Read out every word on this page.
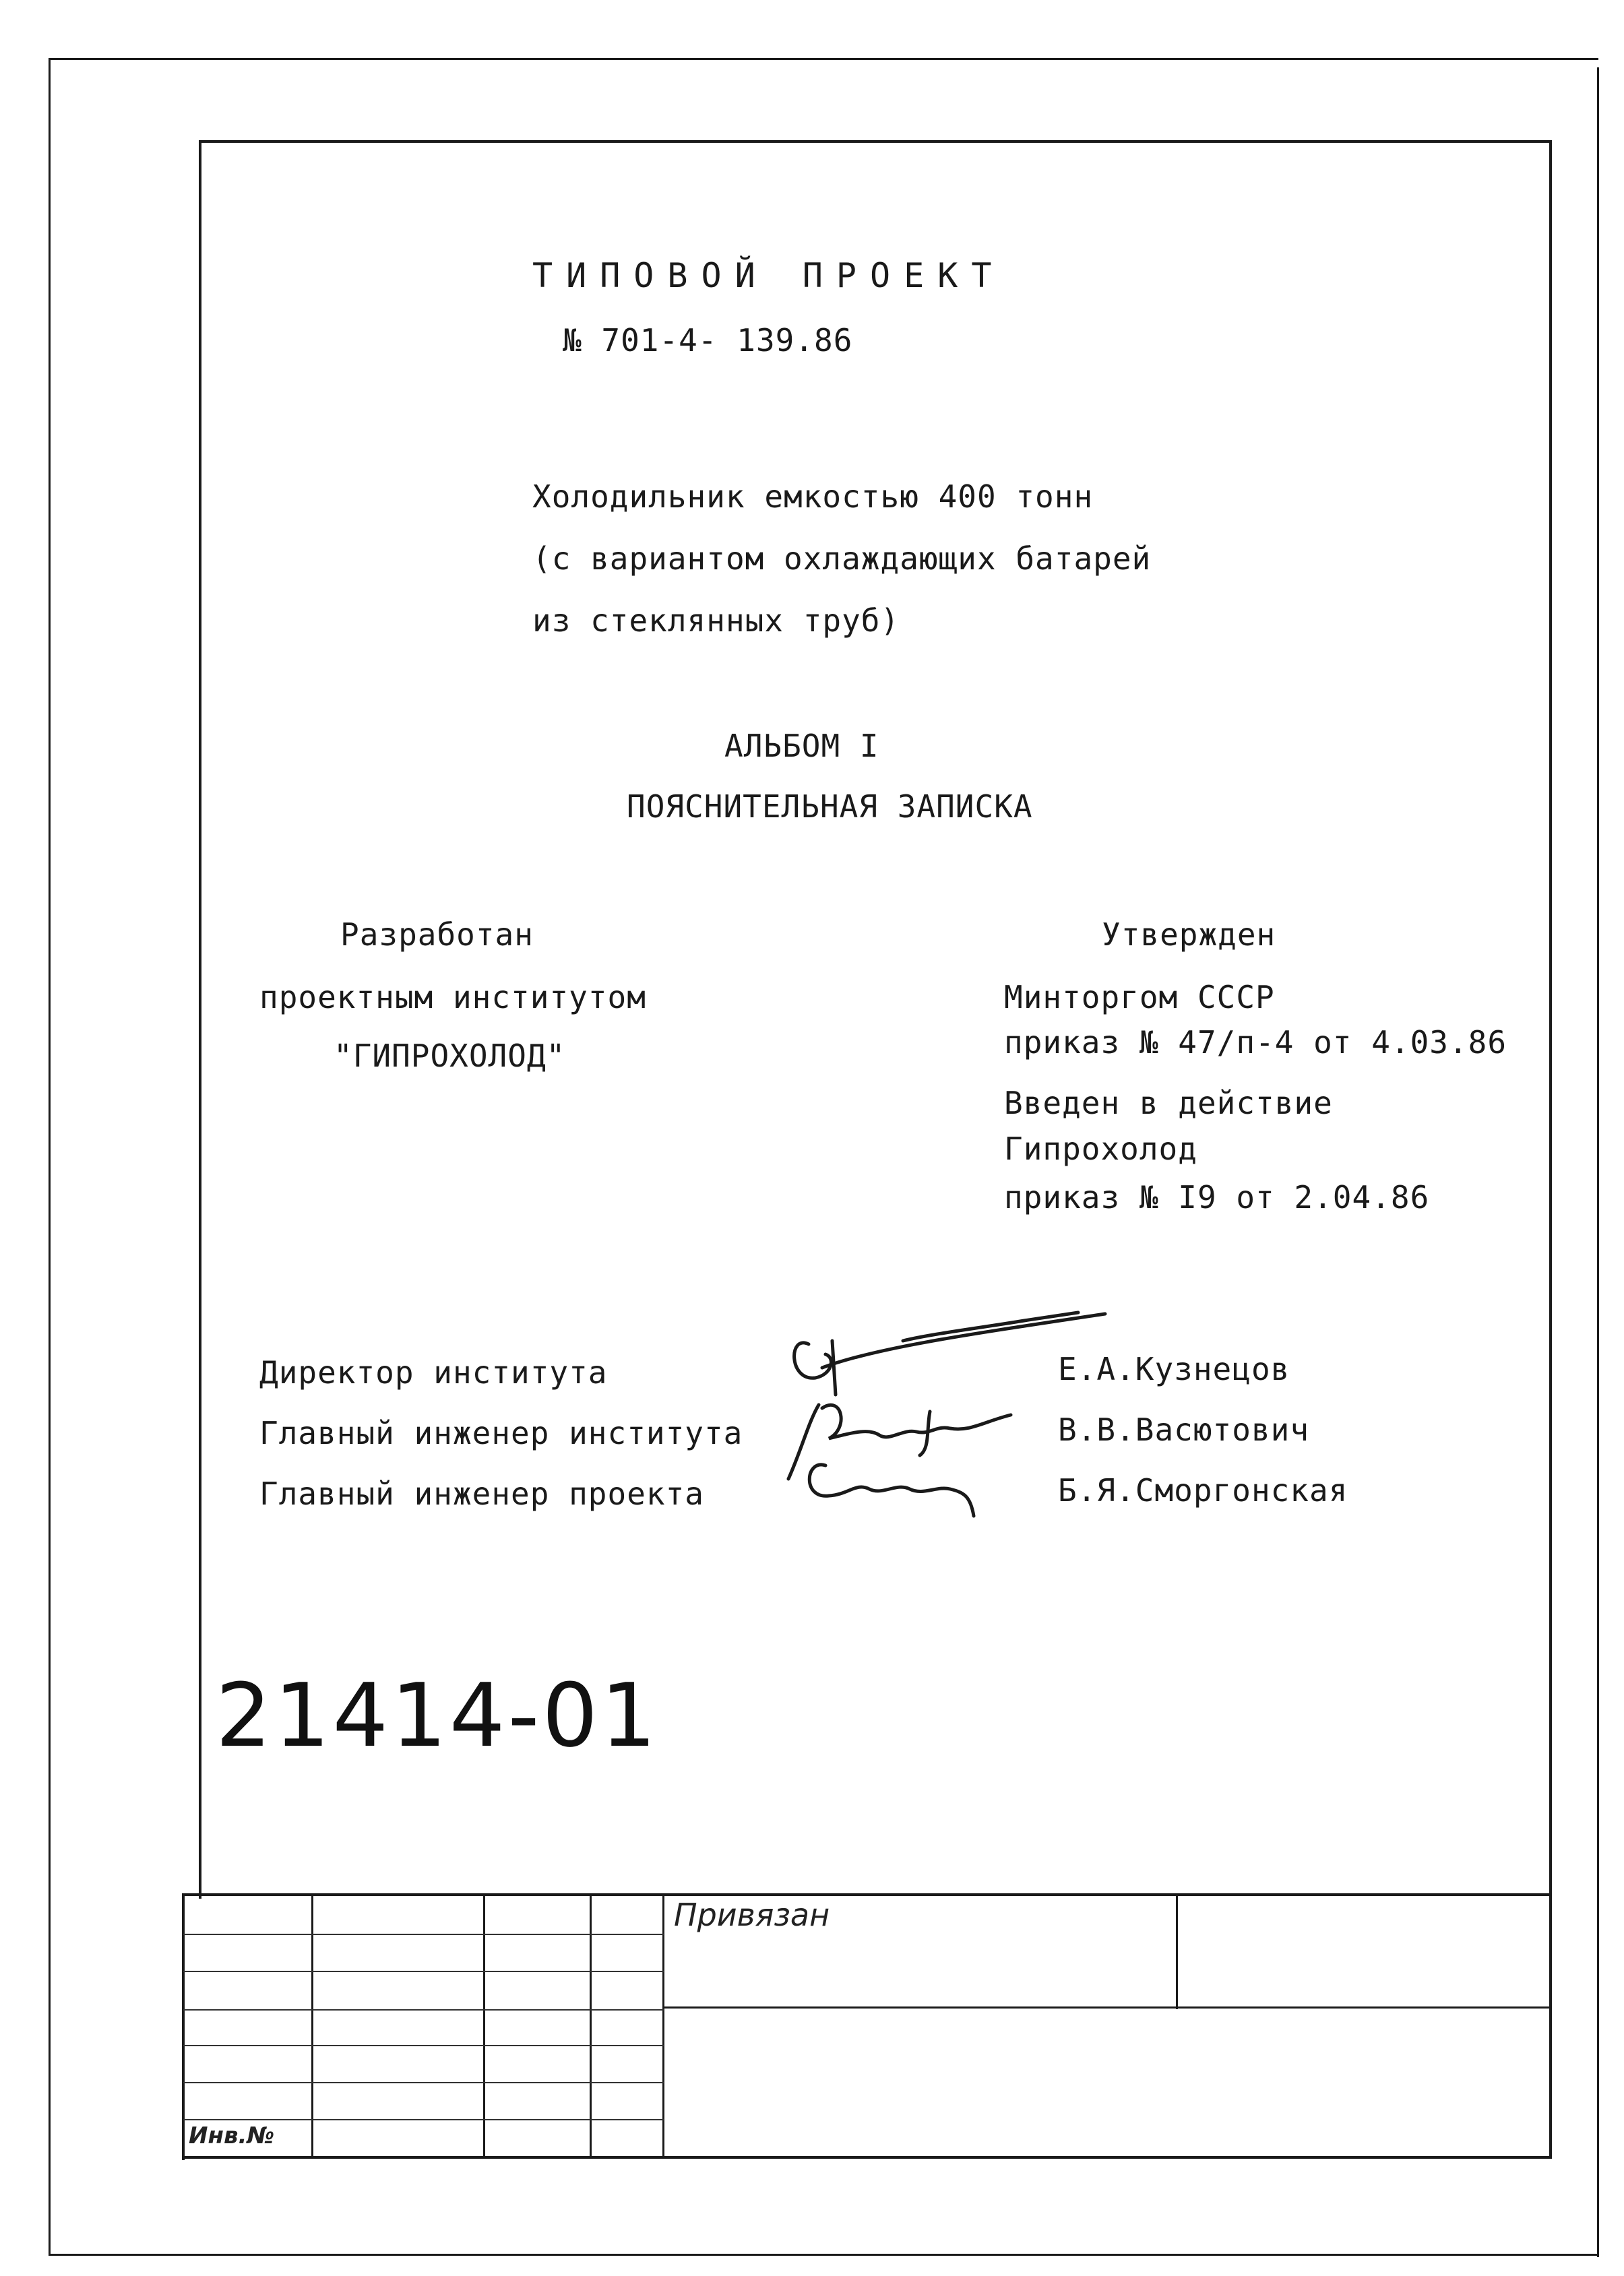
ТИПОВОЙ ПРОЕКТ
№ 701-4- 139.86
Холодильник емкостью 400 тонн
(с вариантом охлаждающих батарей
из стеклянных труб)
АЛЬБОМ I
ПОЯСНИТЕЛЬНАЯ ЗАПИСКА
Разработан
проектным институтом
"ГИПРОХОЛОД"
Утвержден
Минторгом СССР
приказ № 47/п-4 от 4.03.86
Введен в действие
Гипрохолод
приказ № I9 от 2.04.86
Директор института	Е.А.Кузнецов
Главный инженер института	В.В.Васютович
Главный инженер проекта	Б.Я.Сморгонская
21414-01
Привязан
Инв.№
